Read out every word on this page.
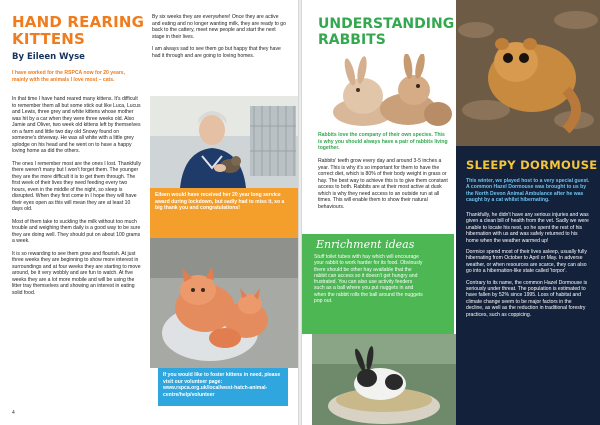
HAND REARING KITTENS
By Eileen Wyse
I have worked for the RSPCA now for 20 years, mainly with the animals I love most – cats.

In that time I have hand reared many kittens. It's difficult to remember them all but some stick out like Luca, Lucus and Lewis, three grey and white kittens whose mother was hit by a car when they were three weeks old. Also Jamie and Oliver, two week old kittens left by themselves on a farm and little two day old Snowy found on someone's driveway. He was all white with a little grey splodge on his head and he went on to have a happy loving home as did the others.

The ones I remember most are the ones I lost. Thankfully there weren't many but I won't forget them. The younger they are the more difficult it is to get them through. The first week of their lives they need feeding every two hours, even in the middle of the night, so sleep is disrupted. When they first come in I hope they will have their eyes open as this will mean they are at least 10 days old.

Most of them take to suckling the milk without too much trouble and weighing them daily is a good way to be sure they are doing well. They should put on about 100 grams a week.

It is so rewarding to see them grow and flourish. At just three weeks they are beginning to show more interest in surroundings and at four weeks they are starting to move around, be it very wobbly and are fun to watch. At five weeks they are a lot more mobile and will be using the litter tray themselves and showing an interest in eating solid food.

By six weeks they are everywhere! Once they are active and eating and no longer wanting milk, they are ready to go back to the cattery, meet new people and start the next stage in their lives.

I am always sad to see them go but happy that they have had it through and are going to loving homes.

Eileen would have received her 20 year long service award during lockdown, but sadly had to miss it, so a big thank you and congratulations!
If you would like to foster kittens in need, please visit our volunteer page: www.rspca.org.uk/local/west-hatch-animal-centre/help/volunteer
4
UNDERSTANDING RABBITS
Rabbits love the company of their own species. This is why you should always have a pair of rabbits living together.
Rabbits' teeth grow every day and around 3-5 inches a year. This is why it's so important for them to have the correct diet, which is 80% of their body weight in grass or hay. The best way to achieve this is to give them constant access to both. Rabbits are at their most active at dusk which is why they need access to an outside run at all times. This will enable them to show their natural behaviours.
Enrichment ideas
Stuff toilet tubes with hay which will encourage your rabbit to work harder for its food. Obviously there should be other hay available that the rabbit can access so it doesn't get hungry and frustrated. You can also use activity feeders such as a ball where you put nuggets in and when the rabbit rolls the ball around the nuggets pop out.
SLEEPY DORMOUSE
This winter, we played host to a very special guest. A common Hazel Dormouse was brought to us by the North Devon Animal Ambulance after he was caught by a cat whilst hibernating.

Thankfully, he didn't have any serious injuries and was given a clean bill of health from the vet. Sadly we were unable to locate his nest, so he spent the rest of his hibernation with us and was safely returned to his home when the weather warmed up!

Dormice spend most of their lives asleep, usually fully hibernating from October to April or May. In adverse weather, or when resources are scarce, they can also go into a hibernation-like state called 'torpor'.

Contrary to its name, the common Hazel Dormouse is seriously under threat. The population is estimated to have fallen by 52% since 1995. Loss of habitat and climate change seem to be major factors in the decline, as well as the reduction in traditional forestry practices, such as coppicing.
